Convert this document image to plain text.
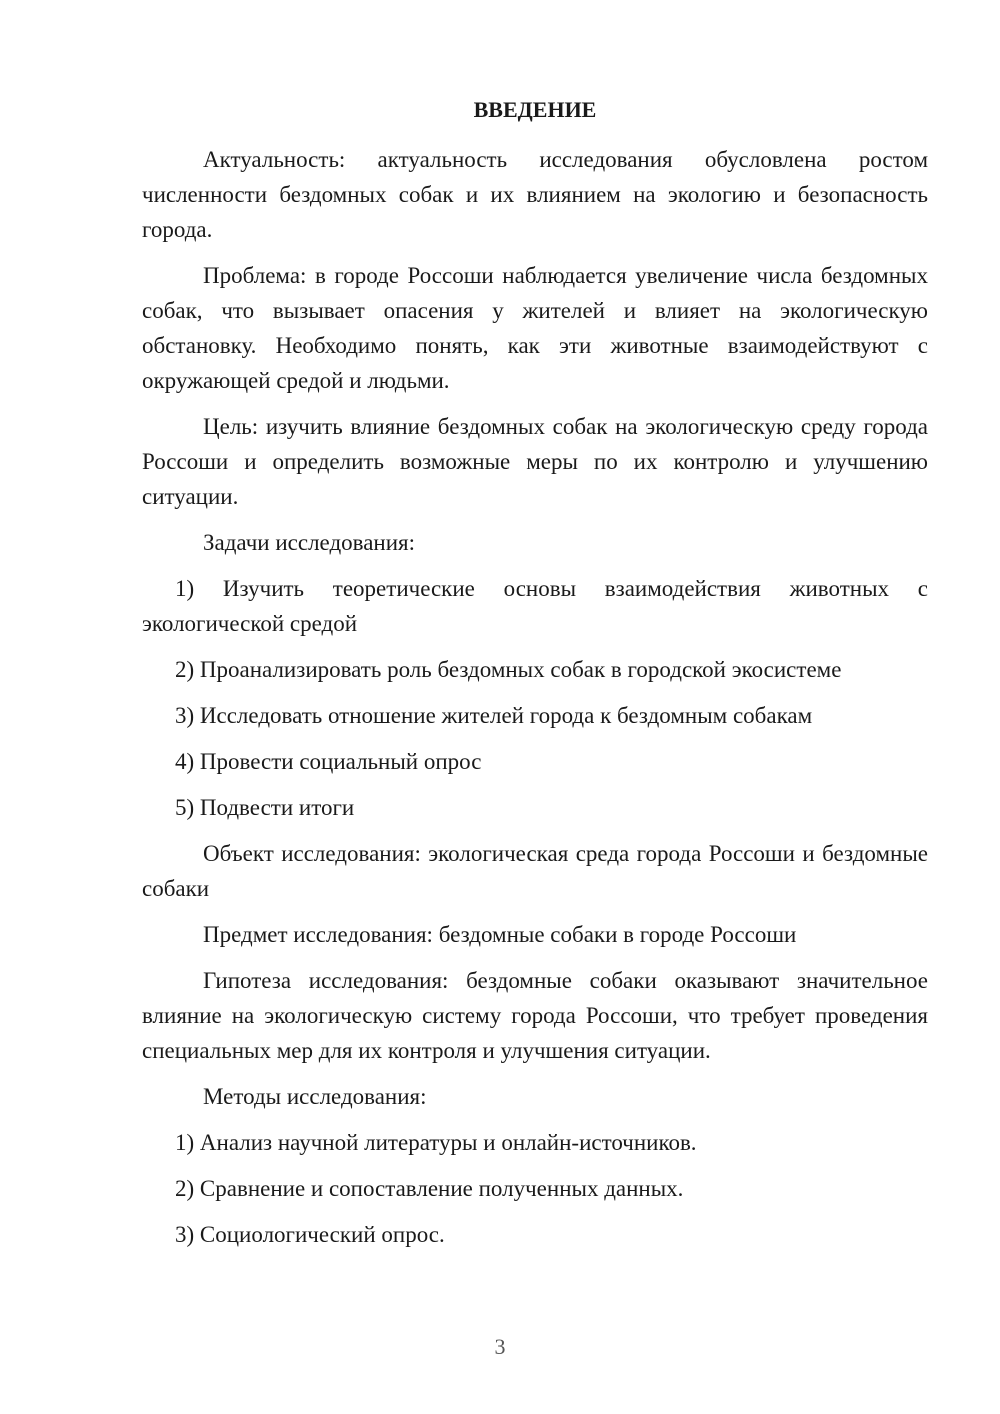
ВВЕДЕНИЕ

Актуальность: актуальность исследования обусловлена ростом численности бездомных собак и их влиянием на экологию и безопасность города.

Проблема: в городе Россоши наблюдается увеличение числа бездомных собак, что вызывает опасения у жителей и влияет на экологическую обстановку. Необходимо понять, как эти животные взаимодействуют с окружающей средой и людьми.

Цель: изучить влияние бездомных собак на экологическую среду города Россоши и определить возможные меры по их контролю и улучшению ситуации.

Задачи исследования:

1) Изучить теоретические основы взаимодействия животных с экологической средой

2) Проанализировать роль бездомных собак в городской экосистеме

3) Исследовать отношение жителей города к бездомным собакам

4) Провести социальный опрос

5) Подвести итоги

Объект исследования: экологическая среда города Россоши и бездомные собаки

Предмет исследования: бездомные собаки в городе Россоши

Гипотеза исследования: бездомные собаки оказывают значительное влияние на экологическую систему города Россоши, что требует проведения специальных мер для их контроля и улучшения ситуации.

Методы исследования:

1) Анализ научной литературы и онлайн-источников.

2) Сравнение и сопоставление полученных данных.

3) Социологический опрос.

3
